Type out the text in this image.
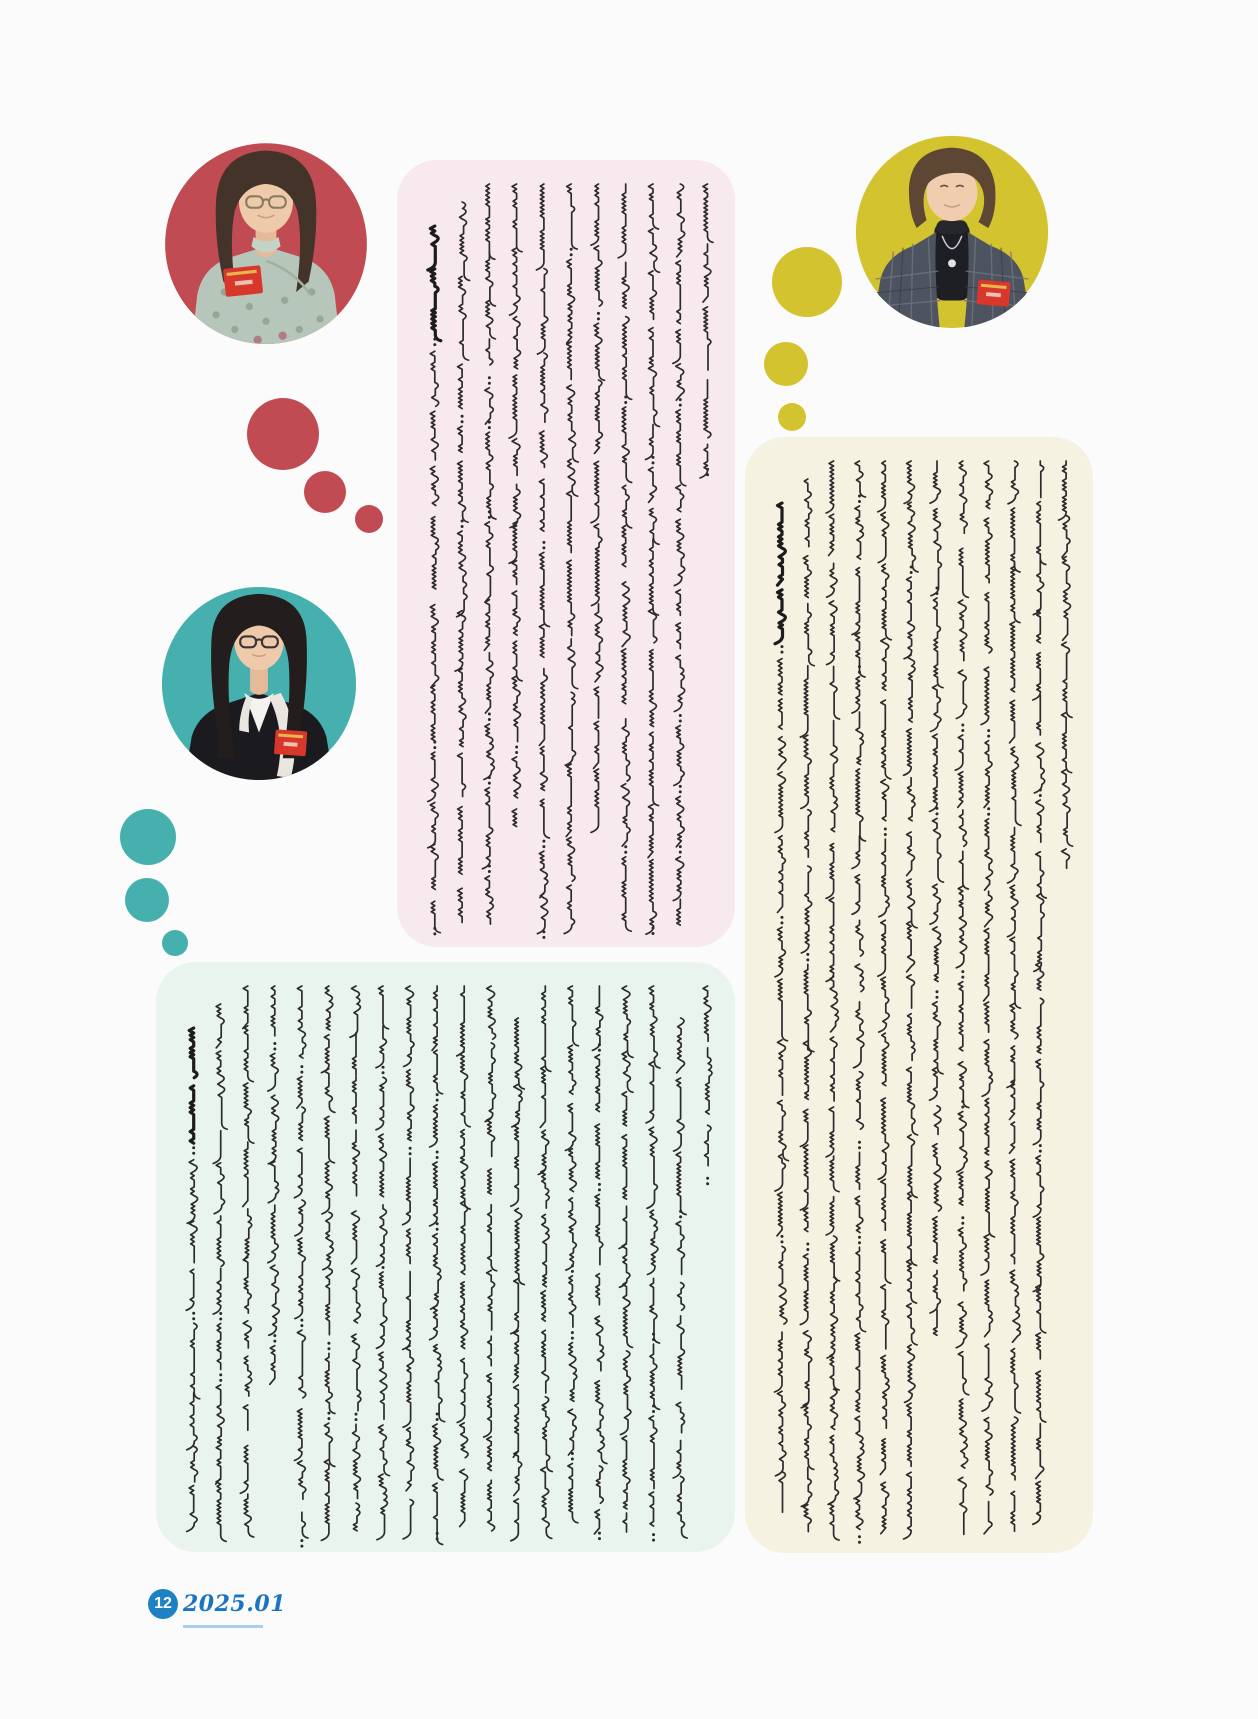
12 2025.01
